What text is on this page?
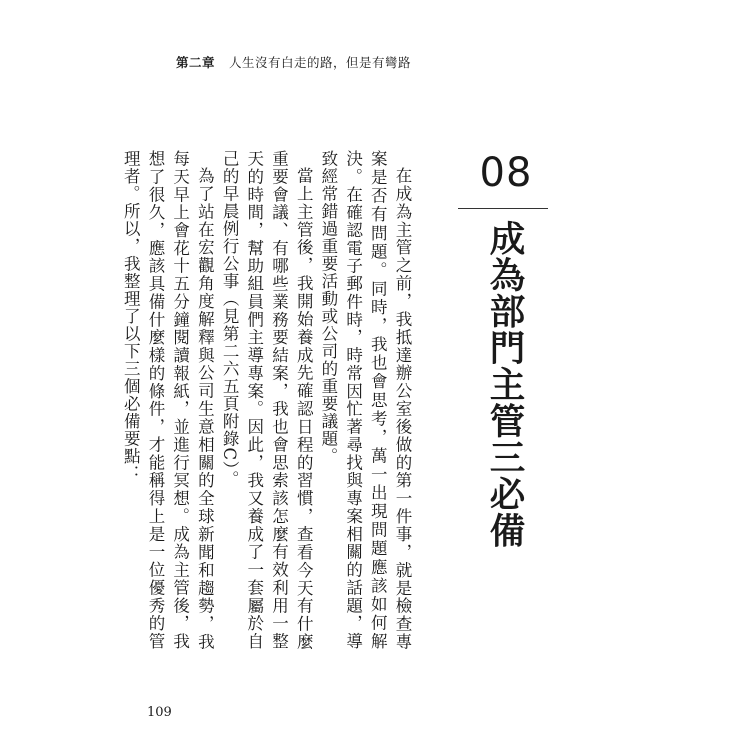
第二章 人生沒有白走的路，但是有彎路
08
成為部門主管三必備

在成為主管之前，我抵達辦公室後做的第一件事，就是檢查專案是否有問題。同時，我也會思考，萬一出現問題應該如何解決。在確認電子郵件時，時常因忙著尋找與專案相關的話題，導致經常錯過重要活動或公司的重要議題。

當上主管後，我開始養成先確認日程的習慣，查看今天有什麼重要會議、有哪些業務要結案，我也會思索該怎麼有效利用一整天的時間，幫助組員們主導專案。因此，我又養成了一套屬於自己的早晨例行公事（見第二六五頁附錄C）。

為了站在宏觀角度解釋與公司生意相關的全球新聞和趨勢，我每天早上會花十五分鐘閱讀報紙，並進行冥想。成為主管後，我想了很久，應該具備什麼樣的條件，才能稱得上是一位優秀的管理者。所以，我整理了以下三個必備要點：

109
